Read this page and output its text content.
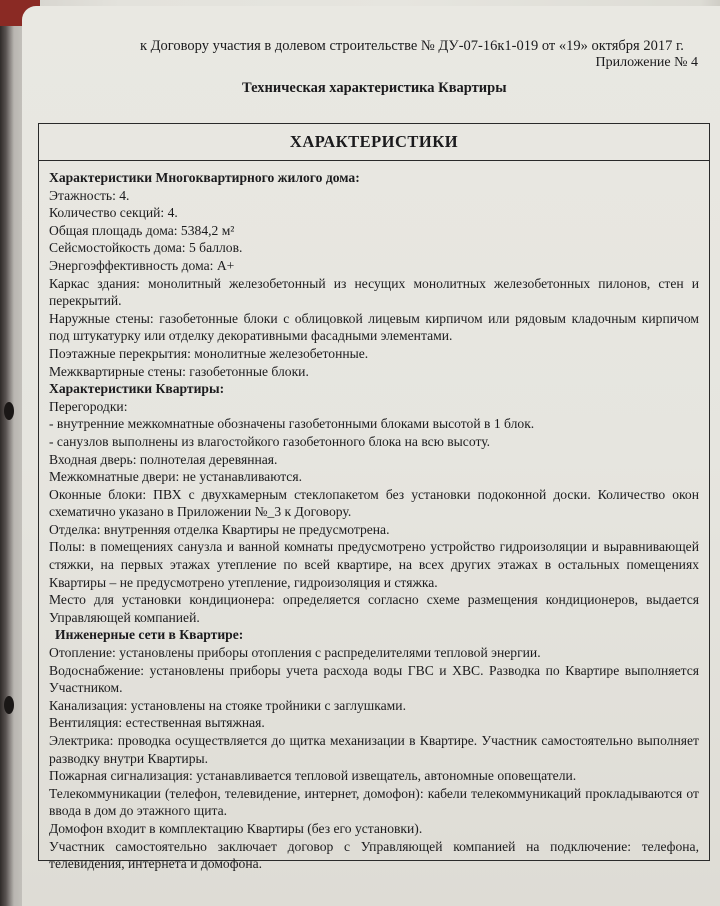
к Договору участия в долевом строительстве № ДУ-07-16к1-019 от «19» октября 2017 г.
Приложение № 4
Техническая характеристика Квартиры
ХАРАКТЕРИСТИКИ

Характеристики Многоквартирного жилого дома:

Этажность: 4.

Количество секций: 4.

Общая площадь дома: 5384,2 м²

Сейсмостойкость дома: 5 баллов.

Энергоэффективность дома: А+

Каркас здания: монолитный железобетонный из несущих монолитных железобетонных пилонов, стен и перекрытий.

Наружные стены: газобетонные блоки с облицовкой лицевым кирпичом или рядовым кладочным кирпичом под штукатурку или отделку декоративными фасадными элементами.

Поэтажные перекрытия: монолитные железобетонные.

Межквартирные стены: газобетонные блоки.

Характеристики Квартиры:

Перегородки:

- внутренние межкомнатные обозначены газобетонными блоками высотой в 1 блок.

- санузлов выполнены из влагостойкого газобетонного блока на всю высоту.

Входная дверь: полнотелая деревянная.

Межкомнатные двери: не устанавливаются.

Оконные блоки: ПВХ с двухкамерным стеклопакетом без установки подоконной доски. Количество окон схематично указано в Приложении №_3 к Договору.

Отделка: внутренняя отделка Квартиры не предусмотрена.

Полы: в помещениях санузла и ванной комнаты предусмотрено устройство гидроизоляции и выравнивающей стяжки, на первых этажах утепление по всей квартире, на всех других этажах в остальных помещениях Квартиры – не предусмотрено утепление, гидроизоляция и стяжка.

Место для установки кондиционера: определяется согласно схеме размещения кондиционеров, выдается Управляющей компанией.

Инженерные сети в Квартире:

Отопление: установлены приборы отопления с распределителями тепловой энергии.

Водоснабжение: установлены приборы учета расхода воды ГВС и ХВС. Разводка по Квартире выполняется Участником.

Канализация: установлены на стояке тройники с заглушками.

Вентиляция: естественная вытяжная.

Электрика: проводка осуществляется до щитка механизации в Квартире. Участник самостоятельно выполняет разводку внутри Квартиры.

Пожарная сигнализация: устанавливается тепловой извещатель, автономные оповещатели.

Телекоммуникации (телефон, телевидение, интернет, домофон): кабели телекоммуникаций прокладываются от ввода в дом до этажного щита.

Домофон входит в комплектацию Квартиры (без его установки).

Участник самостоятельно заключает договор с Управляющей компанией на подключение: телефона, телевидения, интернета и домофона.
